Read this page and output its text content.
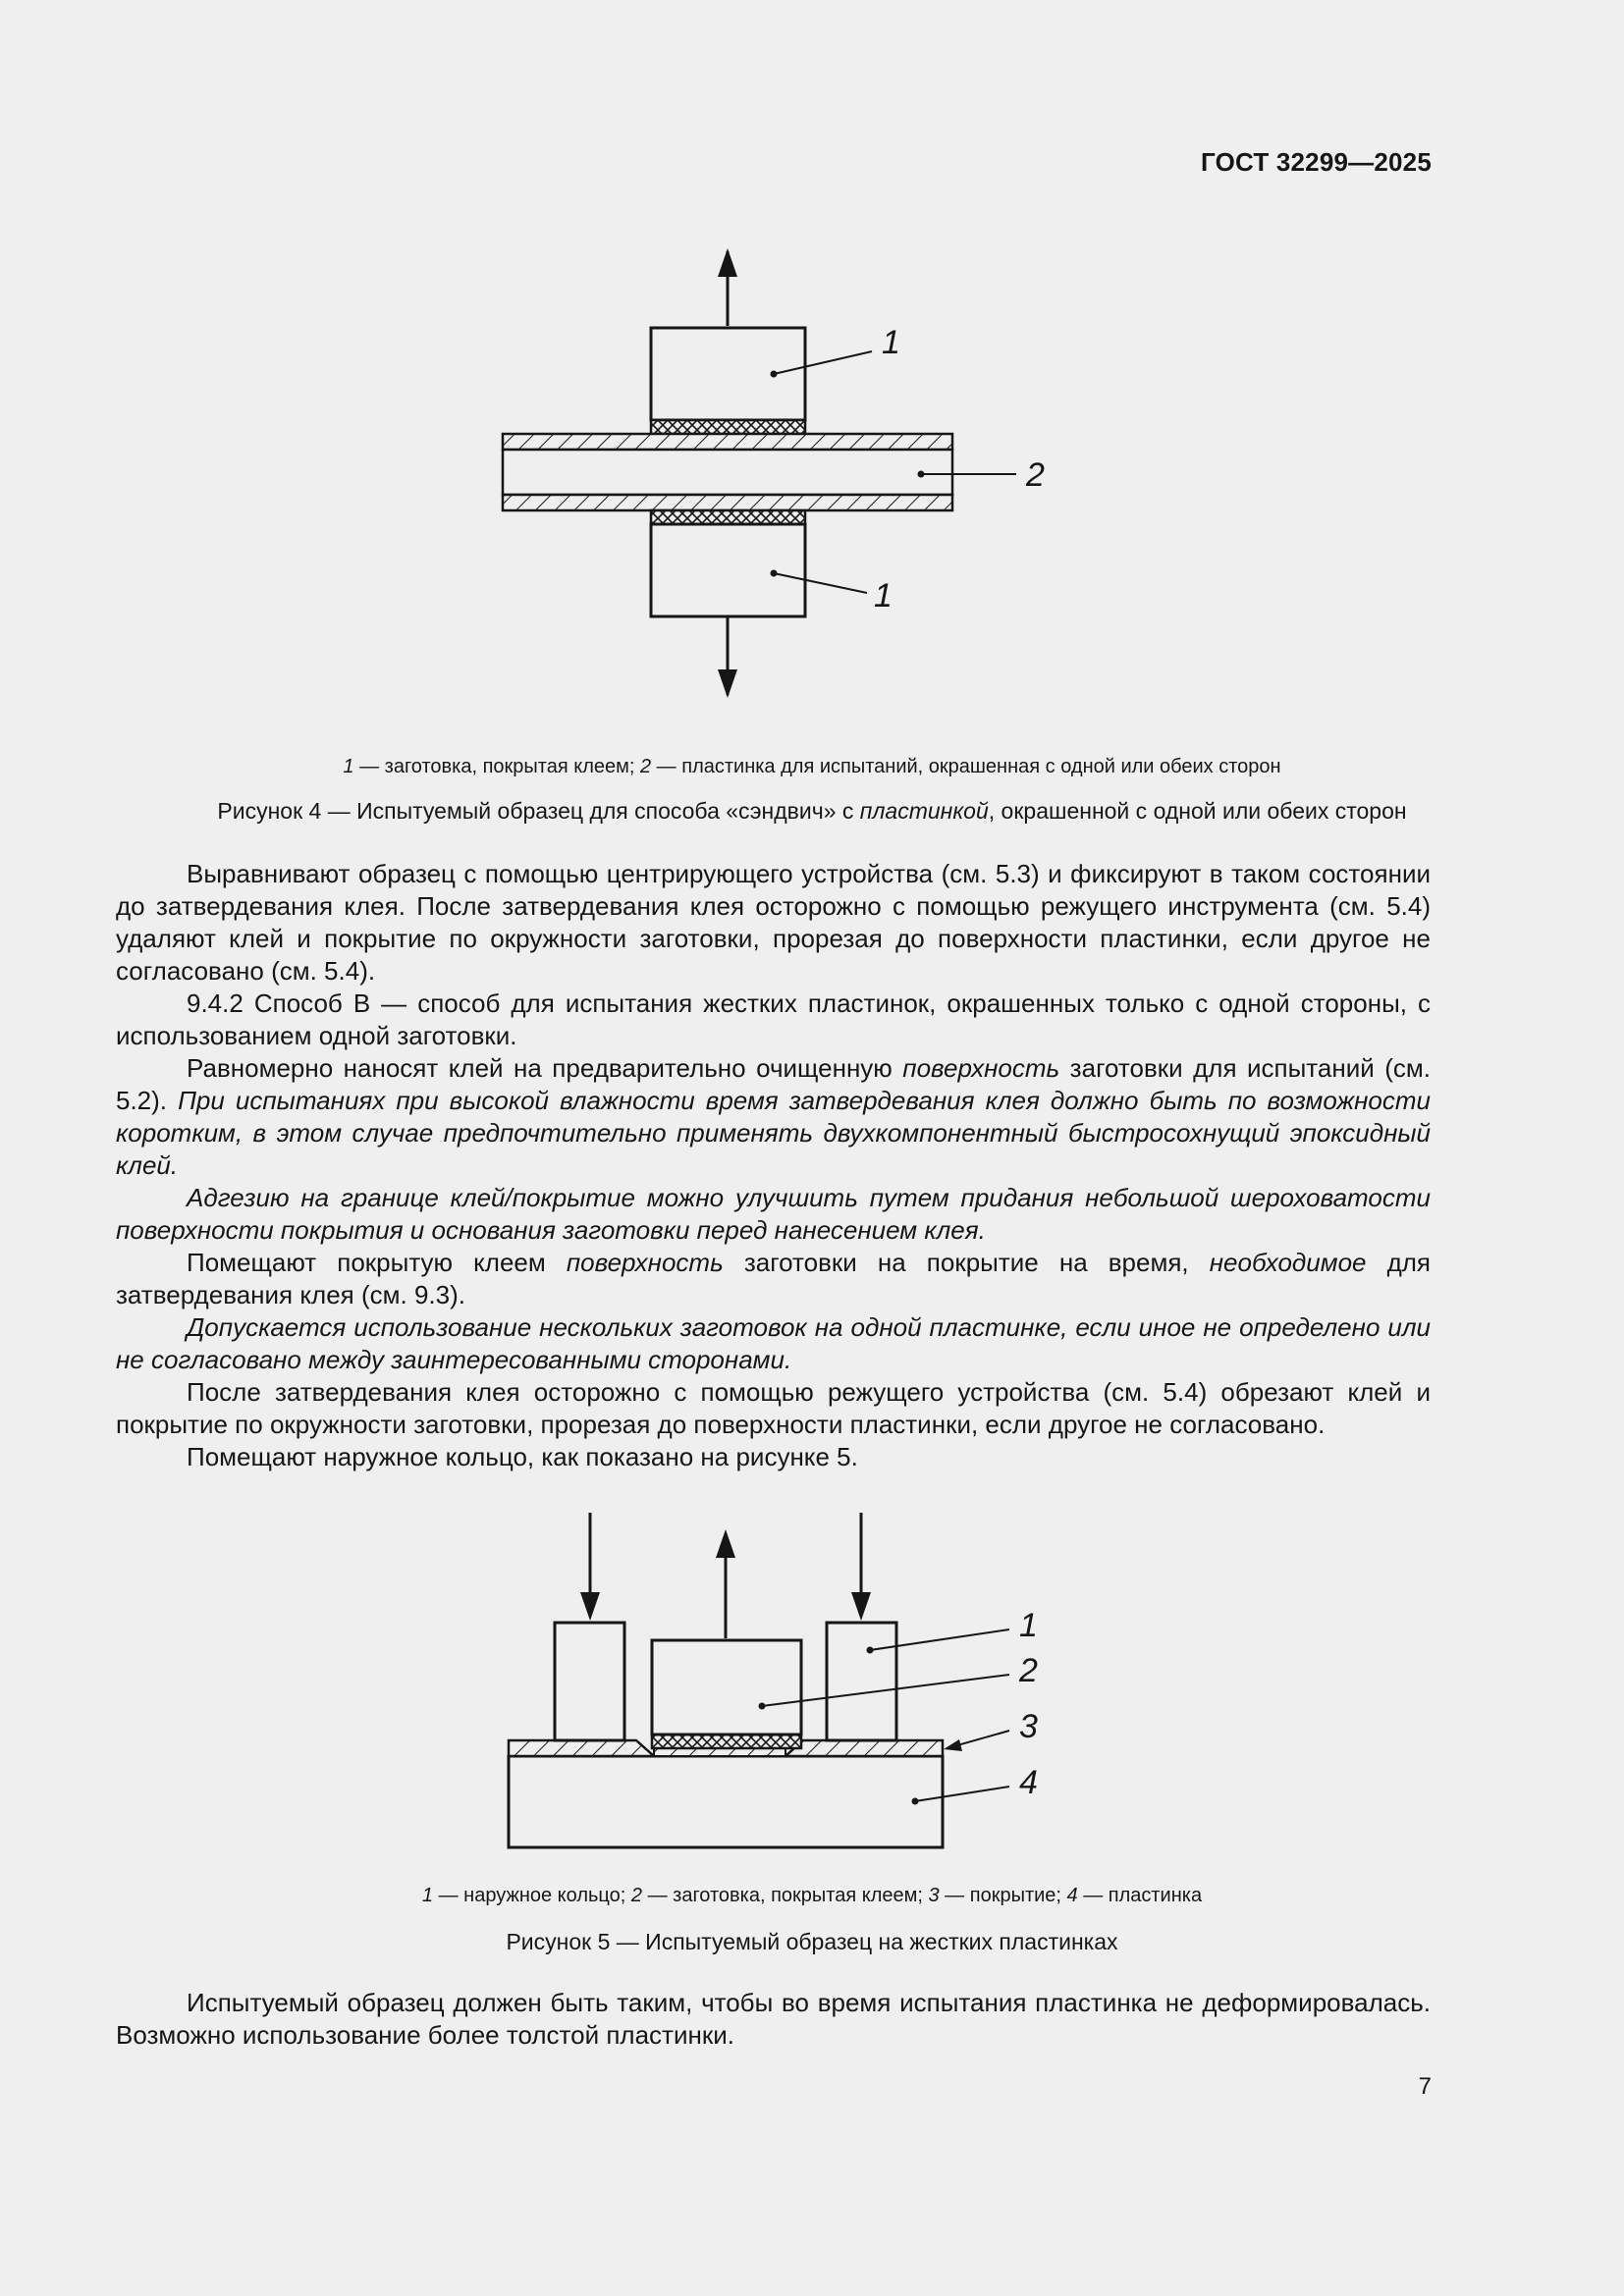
ГОСТ 32299—2025
1
2
1
1 — заготовка, покрытая клеем; 2 — пластинка для испытаний, окрашенная с одной или обеих сторон
Рисунок 4 — Испытуемый образец для способа «сэндвич» с пластинкой, окрашенной с одной или обеих сторон

Выравнивают образец с помощью центрирующего устройства (см. 5.3) и фиксируют в таком состоянии до затвердевания клея. После затвердевания клея осторожно с помощью режущего инструмента (см. 5.4) удаляют клей и покрытие по окружности заготовки, прорезая до поверхности пластинки, если другое не согласовано (см. 5.4).

9.4.2 Способ B — способ для испытания жестких пластинок, окрашенных только с одной стороны, с использованием одной заготовки.

Равномерно наносят клей на предварительно очищенную поверхность заготовки для испытаний (см. 5.2). При испытаниях при высокой влажности время затвердевания клея должно быть по возможности коротким, в этом случае предпочтительно применять двухкомпонентный быстросохнущий эпоксидный клей.

Адгезию на границе клей/покрытие можно улучшить путем придания небольшой шероховатости поверхности покрытия и основания заготовки перед нанесением клея.

Помещают покрытую клеем поверхность заготовки на покрытие на время, необходимое для затвердевания клея (см. 9.3).

Допускается использование нескольких заготовок на одной пластинке, если иное не определено или не согласовано между заинтересованными сторонами.

После затвердевания клея осторожно с помощью режущего устройства (см. 5.4) обрезают клей и покрытие по окружности заготовки, прорезая до поверхности пластинки, если другое не согласовано.

Помещают наружное кольцо, как показано на рисунке 5.

1
2
3
4
1 — наружное кольцо; 2 — заготовка, покрытая клеем; 3 — покрытие; 4 — пластинка
Рисунок 5 — Испытуемый образец на жестких пластинках

Испытуемый образец должен быть таким, чтобы во время испытания пластинка не деформировалась. Возможно использование более толстой пластинки.

7
